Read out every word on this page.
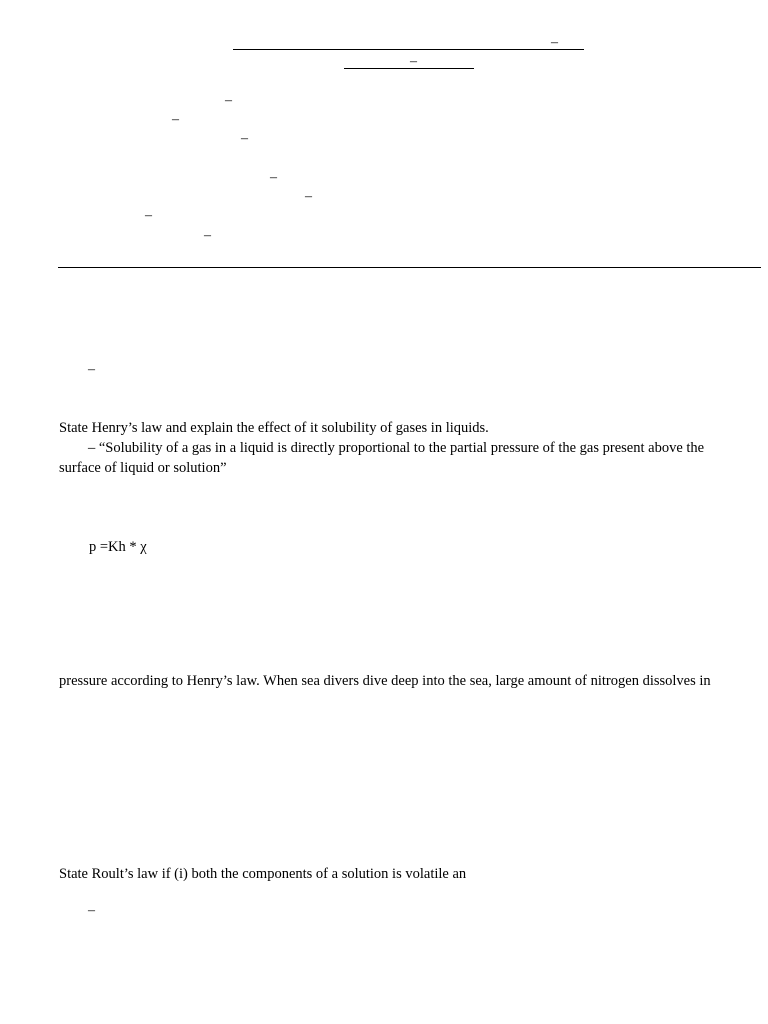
–
–
–
–
–
–
–
–
–
–
State Henry’s law and explain the effect of it solubility of gases in liquids.
– “Solubility of a gas in a liquid is directly proportional to the partial pressure of the gas present above the
surface of liquid or solution”
p =Kh * χ
pressure according to Henry’s law. When sea divers dive deep into the sea, large amount of nitrogen dissolves in
State Roult’s law if (i) both the components of a solution is volatile an
–
